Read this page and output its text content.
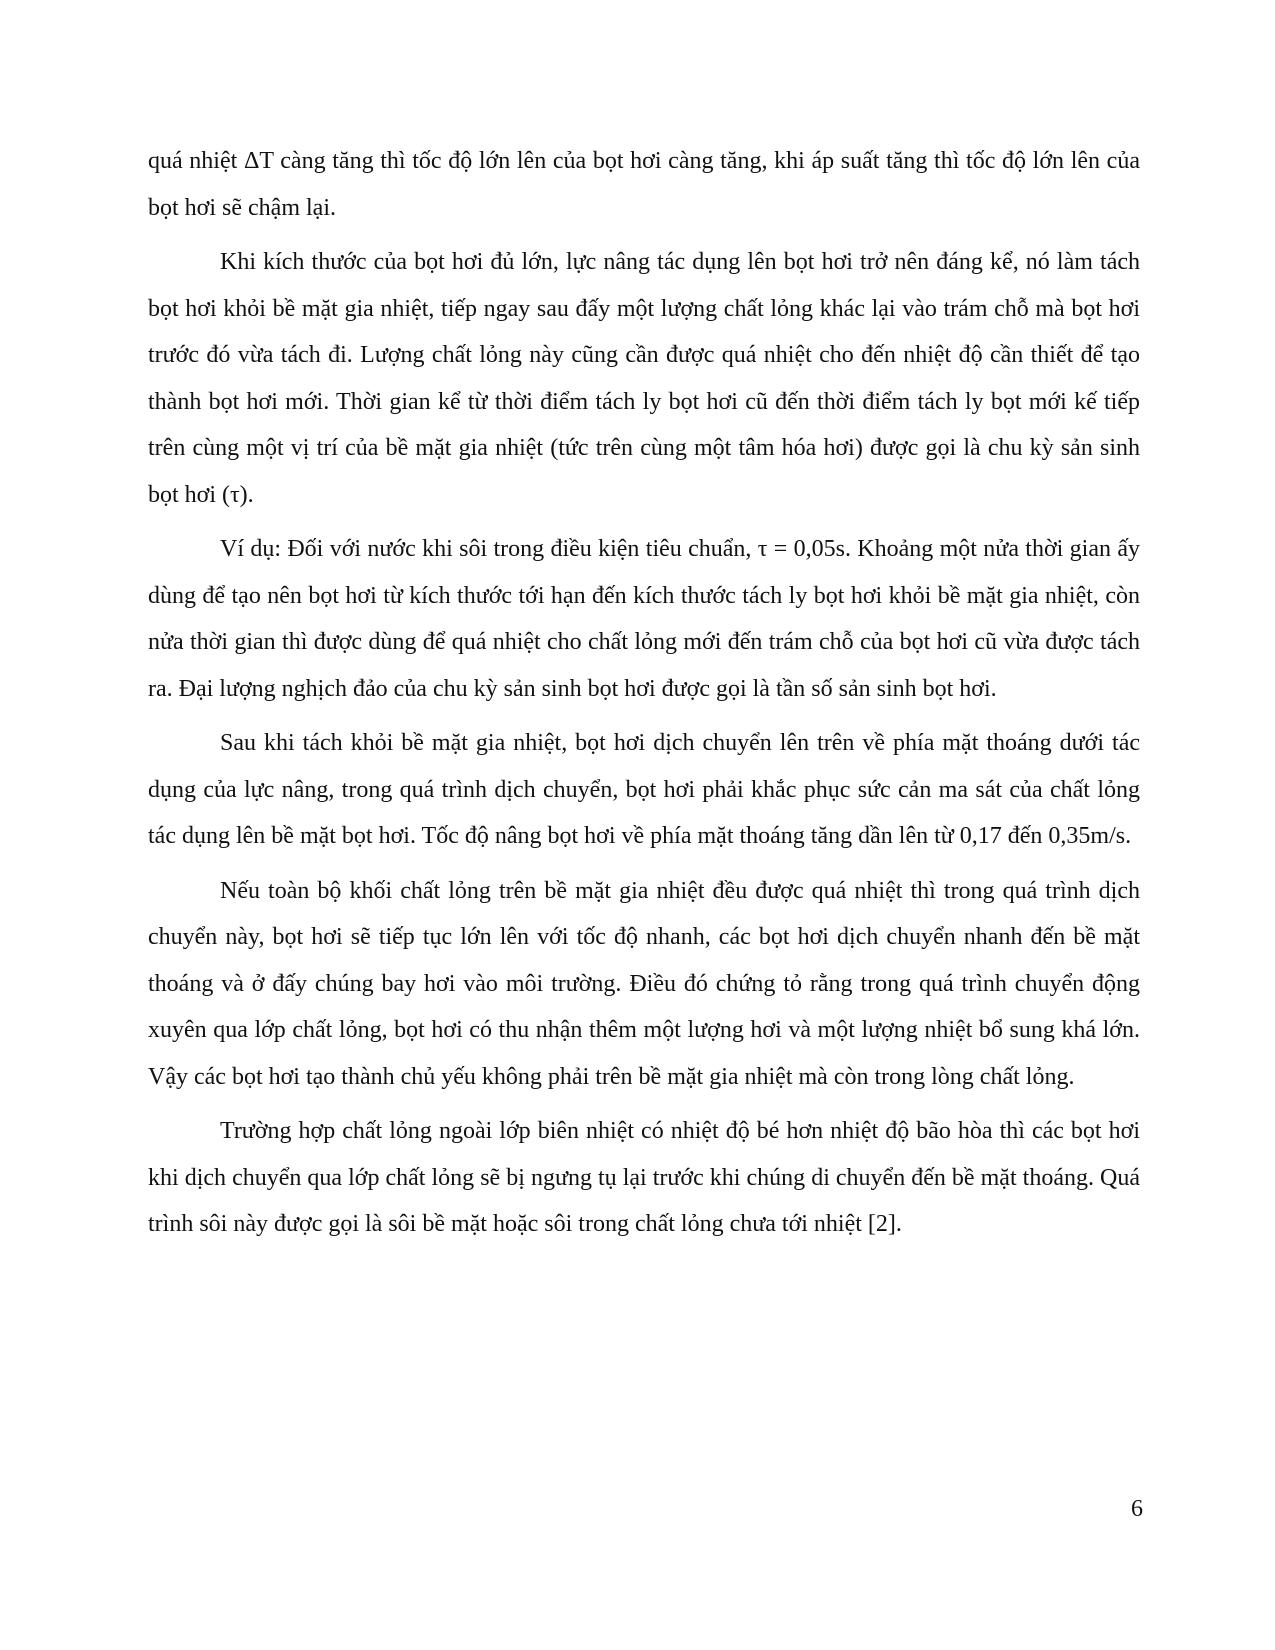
quá nhiệt ΔT càng tăng thì tốc độ lớn lên của bọt hơi càng tăng, khi áp suất tăng thì tốc độ lớn lên của bọt hơi sẽ chậm lại.

Khi kích thước của bọt hơi đủ lớn, lực nâng tác dụng lên bọt hơi trở nên đáng kể, nó làm tách bọt hơi khỏi bề mặt gia nhiệt, tiếp ngay sau đấy một lượng chất lỏng khác lại vào trám chỗ mà bọt hơi trước đó vừa tách đi. Lượng chất lỏng này cũng cần được quá nhiệt cho đến nhiệt độ cần thiết để tạo thành bọt hơi mới. Thời gian kể từ thời điểm tách ly bọt hơi cũ đến thời điểm tách ly bọt mới kế tiếp trên cùng một vị trí của bề mặt gia nhiệt (tức trên cùng một tâm hóa hơi) được gọi là chu kỳ sản sinh bọt hơi (τ).

Ví dụ: Đối với nước khi sôi trong điều kiện tiêu chuẩn, τ = 0,05s. Khoảng một nửa thời gian ấy dùng để tạo nên bọt hơi từ kích thước tới hạn đến kích thước tách ly bọt hơi khỏi bề mặt gia nhiệt, còn nửa thời gian thì được dùng để quá nhiệt cho chất lỏng mới đến trám chỗ của bọt hơi cũ vừa được tách ra. Đại lượng nghịch đảo của chu kỳ sản sinh bọt hơi được gọi là tần số sản sinh bọt hơi.

Sau khi tách khỏi bề mặt gia nhiệt, bọt hơi dịch chuyển lên trên về phía mặt thoáng dưới tác dụng của lực nâng, trong quá trình dịch chuyển, bọt hơi phải khắc phục sức cản ma sát của chất lỏng tác dụng lên bề mặt bọt hơi. Tốc độ nâng bọt hơi về phía mặt thoáng tăng dần lên từ 0,17 đến 0,35m/s.

Nếu toàn bộ khối chất lỏng trên bề mặt gia nhiệt đều được quá nhiệt thì trong quá trình dịch chuyển này, bọt hơi sẽ tiếp tục lớn lên với tốc độ nhanh, các bọt hơi dịch chuyển nhanh đến bề mặt thoáng và ở đấy chúng bay hơi vào môi trường. Điều đó chứng tỏ rằng trong quá trình chuyển động xuyên qua lớp chất lỏng, bọt hơi có thu nhận thêm một lượng hơi và một lượng nhiệt bổ sung khá lớn. Vậy các bọt hơi tạo thành chủ yếu không phải trên bề mặt gia nhiệt mà còn trong lòng chất lỏng.

Trường hợp chất lỏng ngoài lớp biên nhiệt có nhiệt độ bé hơn nhiệt độ bão hòa thì các bọt hơi khi dịch chuyển qua lớp chất lỏng sẽ bị ngưng tụ lại trước khi chúng di chuyển đến bề mặt thoáng. Quá trình sôi này được gọi là sôi bề mặt hoặc sôi trong chất lỏng chưa tới nhiệt [2].

6
